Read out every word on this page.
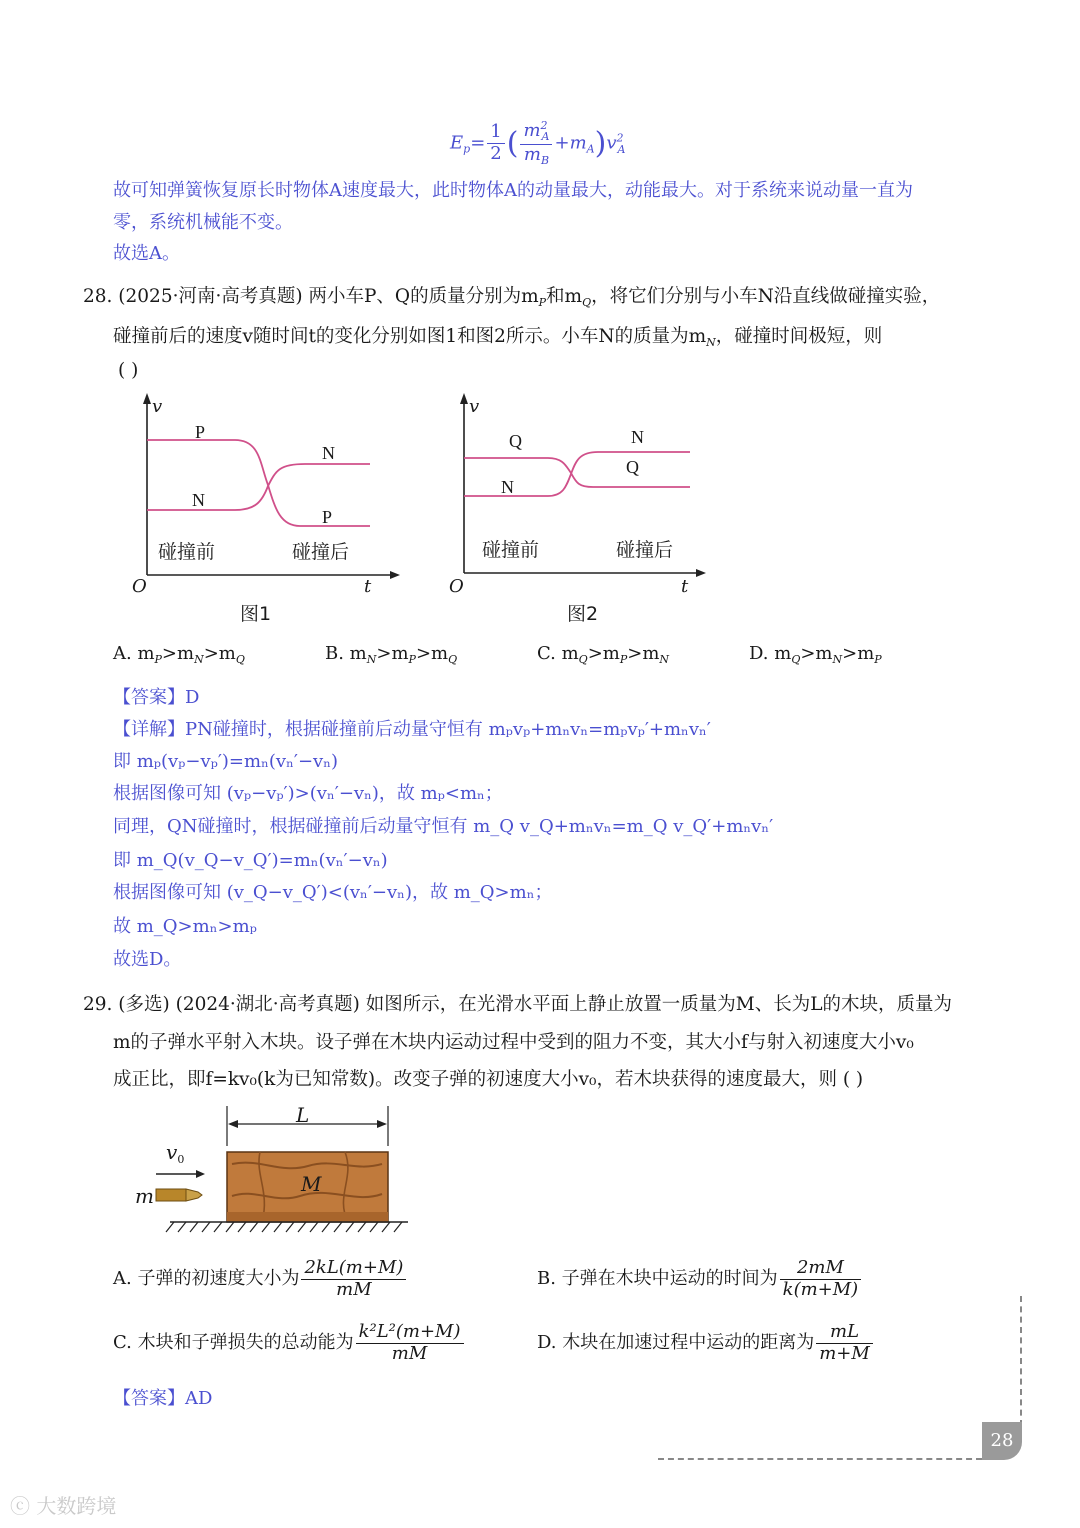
$E_p= \frac{1}{2}$ ( $\frac{m^2_A}{m_B} +m_A)v^2_A$
故可知弹簧恢复原长时物体A速度最大，此时物体A的动量最大，动能最大。对于系统来说动量一直为
零，系统机械能不变。
故选A。
28. (2025·河南·高考真题) 两小车P、Q的质量分别为$m_P$和$m_Q$，将它们分别与小车N沿直线做碰撞实验，
碰撞前后的速度v随时间t的变化分别如图1和图2所示。小车N的质量为$m_N$，碰撞时间极短，则
( )
v
O	t
P
N
N
P
碰撞前	碰撞后
图1
v
O	t
Q
N
N
Q
碰撞前	碰撞后
图2
A. $m_P>m_N>m_Q$	B. $m_N>m_P>m_Q$	C. $m_Q>m_P>m_N$	D. $m_Q>m_N>m_P$
【答案】D
【详解】PN碰撞时，根据碰撞前后动量守恒有 mₚvₚ+mₙvₙ=mₚvₚ′+mₙvₙ′
即 mₚ(vₚ−vₚ′)=mₙ(vₙ′−vₙ)
根据图像可知 (vₚ−vₚ′)>(vₙ′−vₙ)，故 mₚ<mₙ；
同理，QN碰撞时，根据碰撞前后动量守恒有 m_Q v_Q+mₙvₙ=m_Q v_Q′+mₙvₙ′
即 m_Q(v_Q−v_Q′)=mₙ(vₙ′−vₙ)
根据图像可知 (v_Q−v_Q′)<(vₙ′−vₙ)，故 m_Q>mₙ；
故 m_Q>mₙ>mₚ
故选D。
29. (多选) (2024·湖北·高考真题) 如图所示，在光滑水平面上静止放置一质量为M、长为L的木块，质量为
m的子弹水平射入木块。设子弹在木块内运动过程中受到的阻力不变，其大小f与射入初速度大小v₀
成正比，即f=kv₀(k为已知常数)。改变子弹的初速度大小v₀，若木块获得的速度最大，则 ( )
L
M
m
$v_0$
A. 子弹的初速度大小为 $\frac{2kL(m+M)}{mM}$	B. 子弹在木块中运动的时间为 $\frac{2mM}{k(m+M)}$
C. 木块和子弹损失的总动能为 $\frac{\text{k²L²(m+M)}}{mM}$	D. 木块在加速过程中运动的距离为 $\frac{mL}{m+M}$
【答案】AD
28
ⓒ 大数跨境
